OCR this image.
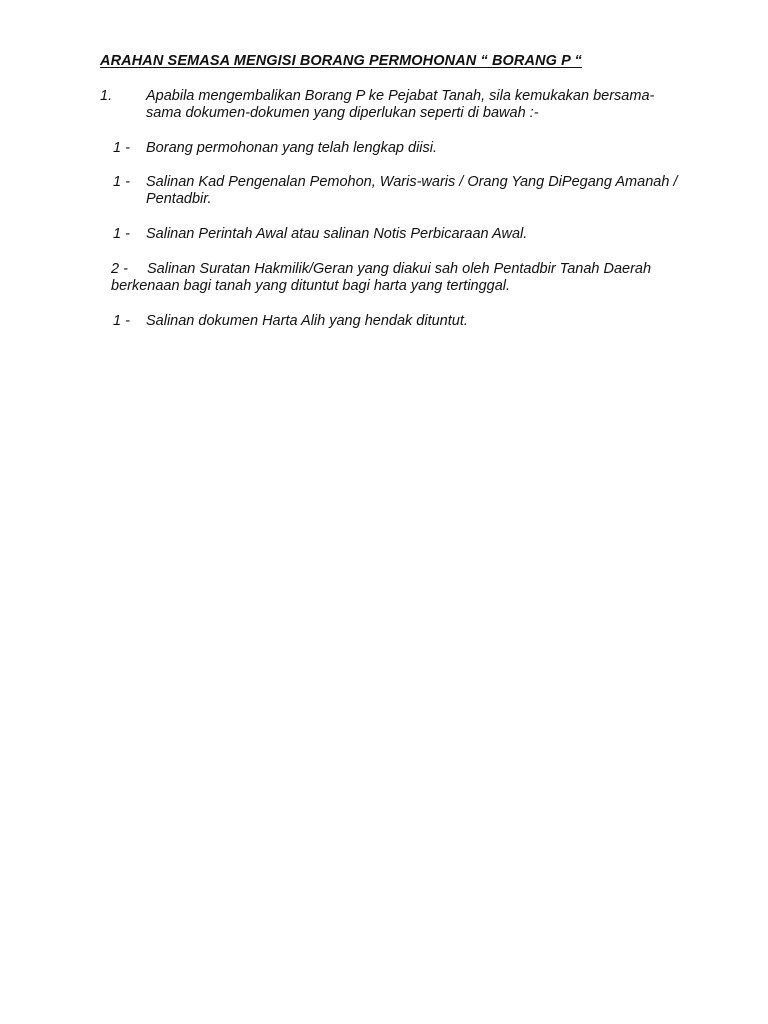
ARAHAN SEMASA MENGISI BORANG PERMOHONAN “ BORANG P “
1. Apabila mengembalikan Borang P ke Pejabat Tanah, sila kemukakan bersama-sama dokumen-dokumen yang diperlukan seperti di bawah :-
1 - Borang permohonan yang telah lengkap diisi.
1 - Salinan Kad Pengenalan Pemohon, Waris-waris / Orang Yang DiPegang Amanah / Pentadbir.
1 - Salinan Perintah Awal atau salinan Notis Perbicaraan Awal.
2 - Salinan Suratan Hakmilik/Geran yang diakui sah oleh Pentadbir Tanah Daerah berkenaan bagi tanah yang dituntut bagi harta yang tertinggal.
1 - Salinan dokumen Harta Alih yang hendak dituntut.
